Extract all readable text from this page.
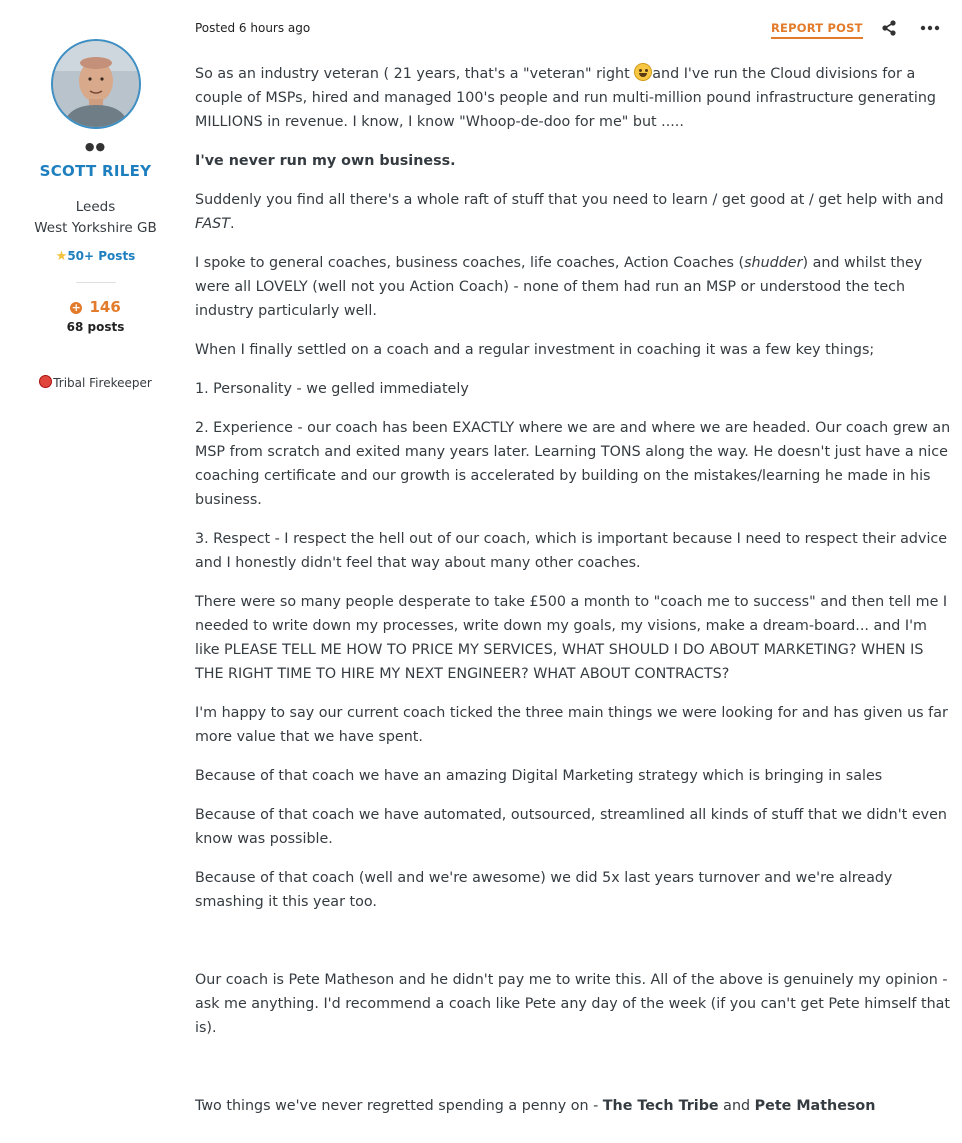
●●
SCOTT RILEY
Leeds
West Yorkshire GB
★50+ Posts
+ 146
68 posts
Tribal Firekeeper
Posted 6 hours ago	REPORT POST

So as an industry veteran ( 21 years, that's a "veteran" right and I've run the Cloud divisions for a couple of MSPs, hired and managed 100's people and run multi-million pound infrastructure generating MILLIONS in revenue. I know, I know "Whoop-de-doo for me" but .....

I've never run my own business.

Suddenly you find all there's a whole raft of stuff that you need to learn / get good at / get help with and FAST.

I spoke to general coaches, business coaches, life coaches, Action Coaches (shudder) and whilst they were all LOVELY (well not you Action Coach) - none of them had run an MSP or understood the tech industry particularly well.

When I finally settled on a coach and a regular investment in coaching it was a few key things;

1. Personality - we gelled immediately

2. Experience - our coach has been EXACTLY where we are and where we are headed. Our coach grew an MSP from scratch and exited many years later. Learning TONS along the way. He doesn't just have a nice coaching certificate and our growth is accelerated by building on the mistakes/learning he made in his business.

3. Respect - I respect the hell out of our coach, which is important because I need to respect their advice and I honestly didn't feel that way about many other coaches.

There were so many people desperate to take £500 a month to "coach me to success" and then tell me I needed to write down my processes, write down my goals, my visions, make a dream-board... and I'm like PLEASE TELL ME HOW TO PRICE MY SERVICES, WHAT SHOULD I DO ABOUT MARKETING? WHEN IS THE RIGHT TIME TO HIRE MY NEXT ENGINEER? WHAT ABOUT CONTRACTS?

I'm happy to say our current coach ticked the three main things we were looking for and has given us far more value that we have spent.

Because of that coach we have an amazing Digital Marketing strategy which is bringing in sales

Because of that coach we have automated, outsourced, streamlined all kinds of stuff that we didn't even know was possible.

Because of that coach (well and we're awesome) we did 5x last years turnover and we're already smashing it this year too.

Our coach is Pete Matheson and he didn't pay me to write this. All of the above is genuinely my opinion - ask me anything. I'd recommend a coach like Pete any day of the week (if you can't get Pete himself that is).

Two things we've never regretted spending a penny on - The Tech Tribe and Pete Matheson
